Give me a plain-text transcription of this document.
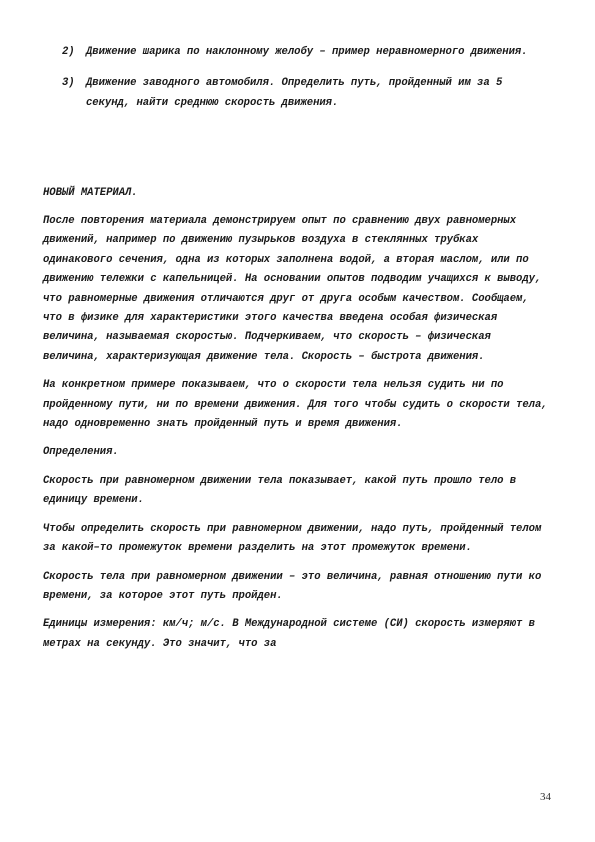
2) Движение шарика по наклонному желобу – пример неравномерного движения.
3) Движение заводного автомобиля. Определить путь, пройденный им за 5 секунд, найти среднюю скорость движения.
НОВЫЙ МАТЕРИАЛ.

После повторения материала демонстрируем опыт по сравнению двух равномерных движений, например по движению пузырьков воздуха в стеклянных трубках одинакового сечения, одна из которых заполнена водой, а вторая маслом, или по движению тележки с капельницей. На основании опытов подводим учащихся к выводу, что равномерные движения отличаются друг от друга особым качеством. Сообщаем, что в физике для характеристики этого качества введена особая физическая величина, называемая скоростью. Подчеркиваем, что скорость – физическая величина, характеризующая движение тела. Скорость – быстрота движения.

На конкретном примере показываем, что о скорости тела нельзя судить ни по пройденному пути, ни по времени движения. Для того чтобы судить о скорости тела, надо одновременно знать пройденный путь и время движения.

Определения.

Скорость при равномерном движении тела показывает, какой путь прошло тело в единицу времени.

Чтобы определить скорость при равномерном движении, надо путь, пройденный телом за какой–то промежуток времени разделить на этот промежуток времени.

Скорость тела при равномерном движении – это величина, равная отношению пути ко времени, за которое этот путь пройден.

Единицы измерения: км/ч; м/с. В Международной системе (СИ) скорость измеряют в метрах на секунду. Это значит, что за

34
